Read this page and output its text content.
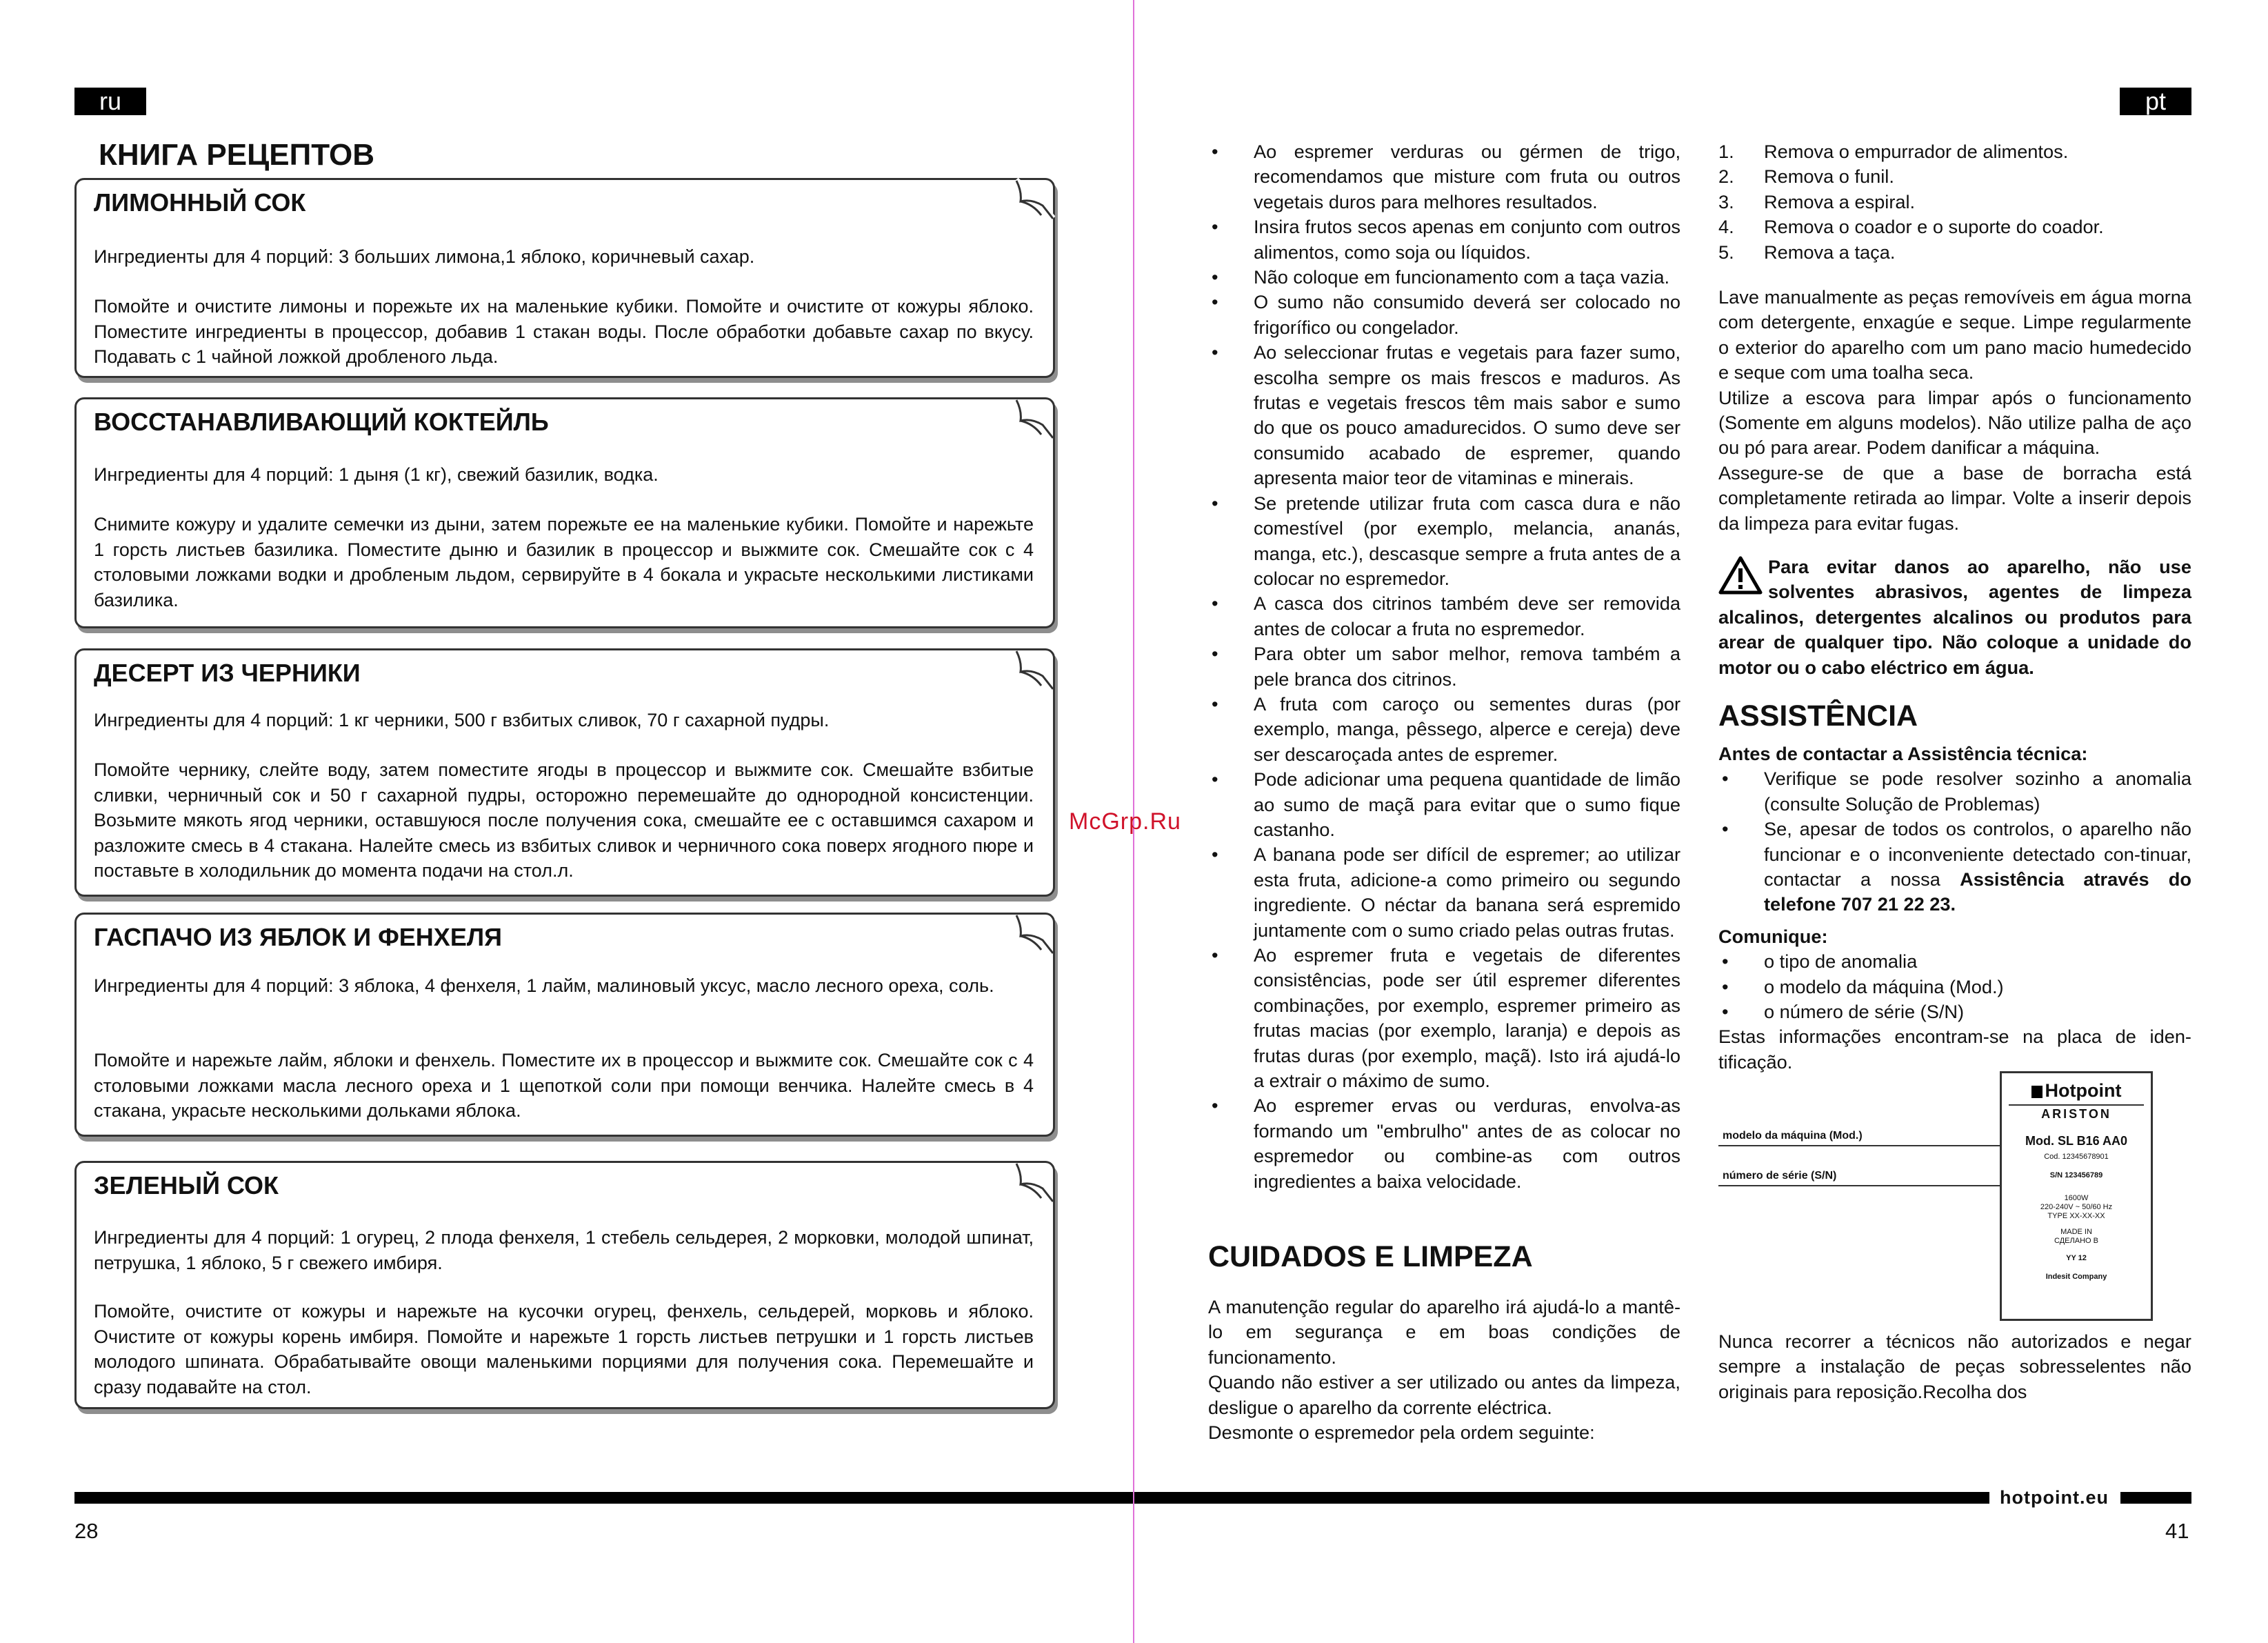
ru
КНИГА РЕЦЕПТОВ
ЛИМОННЫЙ СОК

Ингредиенты для 4 порций: 3 больших лимона,1 яблоко, коричневый сахар.

Помойте и очистите лимоны и порежьте их на маленькие кубики. Помойте и очистите от кожуры яблоко. Поместите ингредиенты в процессор, добавив 1 стакан воды. После обработки добавьте сахар по вкусу. Подавать с 1 чайной ложкой дробленого льда.

ВОССТАНАВЛИВАЮЩИЙ КОКТЕЙЛЬ

Ингредиенты для 4 порций: 1 дыня (1 кг), свежий базилик, водка.

Снимите кожуру и удалите семечки из дыни, затем порежьте ее на маленькие кубики. Помойте и нарежьте 1 горсть листьев базилика. Поместите дыню и базилик в процессор и выжмите сок. Смешайте сок с 4 столовыми ложками водки и дробленым льдом, сервируйте в 4 бокала и украсьте несколькими листиками базилика.

ДЕСЕРТ ИЗ ЧЕРНИКИ

Ингредиенты для 4 порций: 1 кг черники, 500 г взбитых сливок, 70 г сахарной пудры.

Помойте чернику, слейте воду, затем поместите ягоды в процессор и выжмите сок. Смешайте взбитые сливки, черничный сок и 50 г сахарной пудры, осторожно перемешайте до однородной консистенции. Возьмите мякоть ягод черники, оставшуюся после получения сока, смешайте ее с оставшимся сахаром и разложите смесь в 4 стакана. Налейте смесь из взбитых сливок и черничного сока поверх ягодного пюре и поставьте в холодильник до момента подачи на стол.л.

ГАСПАЧО ИЗ ЯБЛОК И ФЕНХЕЛЯ

Ингредиенты для 4 порций: 3 яблока, 4 фенхеля, 1 лайм, малиновый уксус, масло лесного ореха, соль.

Помойте и нарежьте лайм, яблоки и фенхель. Поместите их в процессор и выжмите сок. Смешайте сок с 4 столовыми ложками масла лесного ореха и 1 щепоткой соли при помощи венчика. Налейте смесь в 4 стакана, украсьте несколькими дольками яблока.

ЗЕЛЕНЫЙ СОК

Ингредиенты для 4 порций: 1 огурец, 2 плода фенхеля, 1 стебель сельдерея, 2 морковки, молодой шпинат, петрушка, 1 яблоко, 5 г свежего имбиря.

Помойте, очистите от кожуры и нарежьте на кусочки огурец, фенхель, сельдерей, морковь и яблоко. Очистите от кожуры корень имбиря. Помойте и нарежьте 1 горсть листьев петрушки и 1 горсть листьев молодого шпината. Обрабатывайте овощи маленькими порциями для получения сока. Перемешайте и сразу подавайте на стол.

28
McGrp.Ru
pt
• Ao espremer verduras ou gérmen de trigo, recomendamos que misture com fruta ou outros vegetais duros para melhores resultados.
• Insira frutos secos apenas em conjunto com outros alimentos, como soja ou líquidos.
• Não coloque em funcionamento com a taça vazia.
• O sumo não consumido deverá ser colocado no frigorífico ou congelador.
• Ao seleccionar frutas e vegetais para fazer sumo, escolha sempre os mais frescos e maduros. As frutas e vegetais frescos têm mais sabor e sumo do que os pouco amadurecidos. O sumo deve ser consumido acabado de espremer, quando apresenta maior teor de vitaminas e minerais.
• Se pretende utilizar fruta com casca dura e não comestível (por exemplo, melancia, ananás, manga, etc.), descasque sempre a fruta antes de a colocar no espremedor.
• A casca dos citrinos também deve ser removida antes de colocar a fruta no espremedor.
• Para obter um sabor melhor, remova também a pele branca dos citrinos.
• A fruta com caroço ou sementes duras (por exemplo, manga, pêssego, alperce e cereja) deve ser descaroçada antes de espremer.
• Pode adicionar uma pequena quantidade de limão ao sumo de maçã para evitar que o sumo fique castanho.
• A banana pode ser difícil de espremer; ao utilizar esta fruta, adicione-a como primeiro ou segundo ingrediente. O néctar da banana será espremido juntamente com o sumo criado pelas outras frutas.
• Ao espremer fruta e vegetais de diferentes consistências, pode ser útil espremer diferentes combinações, por exemplo, espremer primeiro as frutas macias (por exemplo, laranja) e depois as frutas duras (por exemplo, maçã). Isto irá ajudá-lo a extrair o máximo de sumo.
• Ao espremer ervas ou verduras, envolva-as formando um "embrulho" antes de as colocar no espremedor ou combine-as com outros ingredientes a baixa velocidade.
CUIDADOS E LIMPEZA

A manutenção regular do aparelho irá ajudá-lo a mantê-lo em segurança e em boas condições de funcionamento.

Quando não estiver a ser utilizado ou antes da limpeza, desligue o aparelho da corrente eléctrica.

Desmonte o espremedor pela ordem seguinte:

1. Remova o empurrador de alimentos.
2. Remova o funil.
3. Remova a espiral.
4. Remova o coador e o suporte do coador.
5. Remova a taça.

Lave manualmente as peças removíveis em água morna com detergente, enxagúe e seque. Limpe regularmente o exterior do aparelho com um pano macio humedecido e seque com uma toalha seca.

Utilize a escova para limpar após o funcionamento (Somente em alguns modelos). Não utilize palha de aço ou pó para arear. Podem danificar a máquina.

Assegure-se de que a base de borracha está completamente retirada ao limpar. Volte a inserir depois da limpeza para evitar fugas.

Para evitar danos ao aparelho, não use solventes abrasivos, agentes de limpeza alcalinos, detergentes alcalinos ou produtos para arear de qualquer tipo. Não coloque a unidade do motor ou o cabo eléctrico em água.

ASSISTÊNCIA

Antes de contactar a Assistência técnica:

• Verifique se pode resolver sozinho a anomalia (consulte Solução de Problemas)
• Se, apesar de todos os controlos, o aparelho não funcionar e o inconveniente detectado con-tinuar, contactar a nossa Assistência através do telefone 707 21 22 23.

Comunique:

• o tipo de anomalia
• o modelo da máquina (Mod.)
• o número de série (S/N)

Estas informações encontram-se na placa de iden-tificação.

modelo da máquina (Mod.)
número de série (S/N)
Hotpoint
ARISTON
Mod. SL B16 AA0
Cod. 12345678901
S/N 123456789
1600W
220-240V ~ 50/60 Hz
TYPE XX-XX-XX
MADE IN
СДЕЛАНО В
YY 12
Indesit Company

Nunca recorrer a técnicos não autorizados e negar sempre a instalação de peças sobresselentes não originais para reposição.Recolha dos

hotpoint.eu
41
